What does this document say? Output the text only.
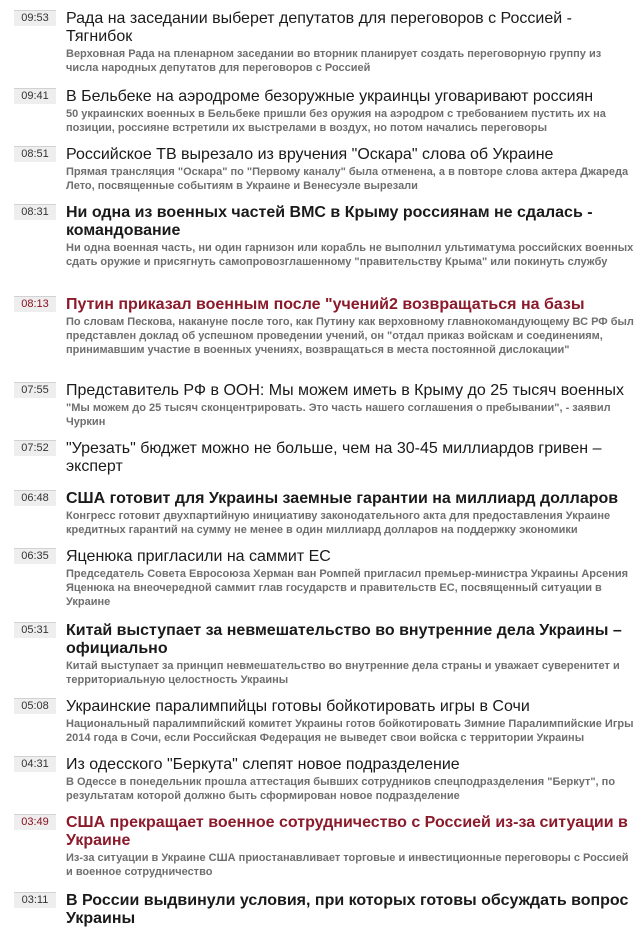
09:53	Рада на заседании выберет депутатов для переговоров с Россией - Тягнибок
Верховная Рада на пленарном заседании во вторник планирует создать переговорную группу из числа народных депутатов для переговоров с Россией
09:41	В Бельбеке на аэродроме безоружные украинцы уговаривают россиян
50 украинских военных в Бельбеке пришли без оружия на аэродром с требованием пустить их на позиции, россияне встретили их выстрелами в воздух, но потом начались переговоры
08:51	Российское ТВ вырезало из вручения "Оскара" слова об Украине
Прямая трансляция "Оскара" по "Первому каналу" была отменена, а в повторе слова актера Джареда Лето, посвященные событиям в Украине и Венесуэле вырезали
08:31	Ни одна из военных частей ВМС в Крыму россиянам не сдалась - командование
Ни одна военная часть, ни один гарнизон или корабль не выполнил ультиматума российских военных сдать оружие и присягнуть самопровозглашенному "правительству Крыма" или покинуть службу
08:13	Путин приказал военным после "учений2 возвращаться на базы
По словам Пескова, накануне после того, как Путину как верховному главнокомандующему ВС РФ был представлен доклад об успешном проведении учений, он "отдал приказ войскам и соединениям, принимавшим участие в военных учениях, возвращаться в места постоянной дислокации"
07:55	Представитель РФ в ООН: Мы можем иметь в Крыму до 25 тысяч военных
"Мы можем до 25 тысяч сконцентрировать. Это часть нашего соглашения о пребывании", - заявил Чуркин
07:52	"Урезать" бюджет можно не больше, чем на 30-45 миллиардов гривен – эксперт
06:48	США готовит для Украины заемные гарантии на миллиард долларов
Конгресс готовит двухпартийную инициативу законодательного акта для предоставления Украине кредитных гарантий на сумму не менее в один миллиард долларов на поддержку экономики
06:35	Яценюка пригласили на саммит ЕС
Председатель Совета Евросоюза Херман ван Ромпей пригласил премьер-министра Украины Арсения Яценюка на внеочередной саммит глав государств и правительств ЕС, посвященный ситуации в Украине
05:31	Китай выступает за невмешательство во внутренние дела Украины – официально
Китай выступает за принцип невмешательство во внутренние дела страны и уважает суверенитет и территориальную целостность Украины
05:08	Украинские паралимпийцы готовы бойкотировать игры в Сочи
Национальный паралимпийский комитет Украины готов бойкотировать Зимние Паралимпийские Игры 2014 года в Сочи, если Российская Федерация не выведет свои войска с территории Украины
04:31	Из одесского "Беркута" слепят новое подразделение
В Одессе в понедельник прошла аттестация бывших сотрудников спецподразделения "Беркут", по результатам которой должно быть сформирован новое подразделение
03:49	США прекращает военное сотрудничество с Россией из-за ситуации в Украине
Из-за ситуации в Украине США приостанавливает торговые и инвестиционные переговоры с Россией и военное сотрудничество
03:11	В России выдвинули условия, при которых готовы обсуждать вопрос Украины
